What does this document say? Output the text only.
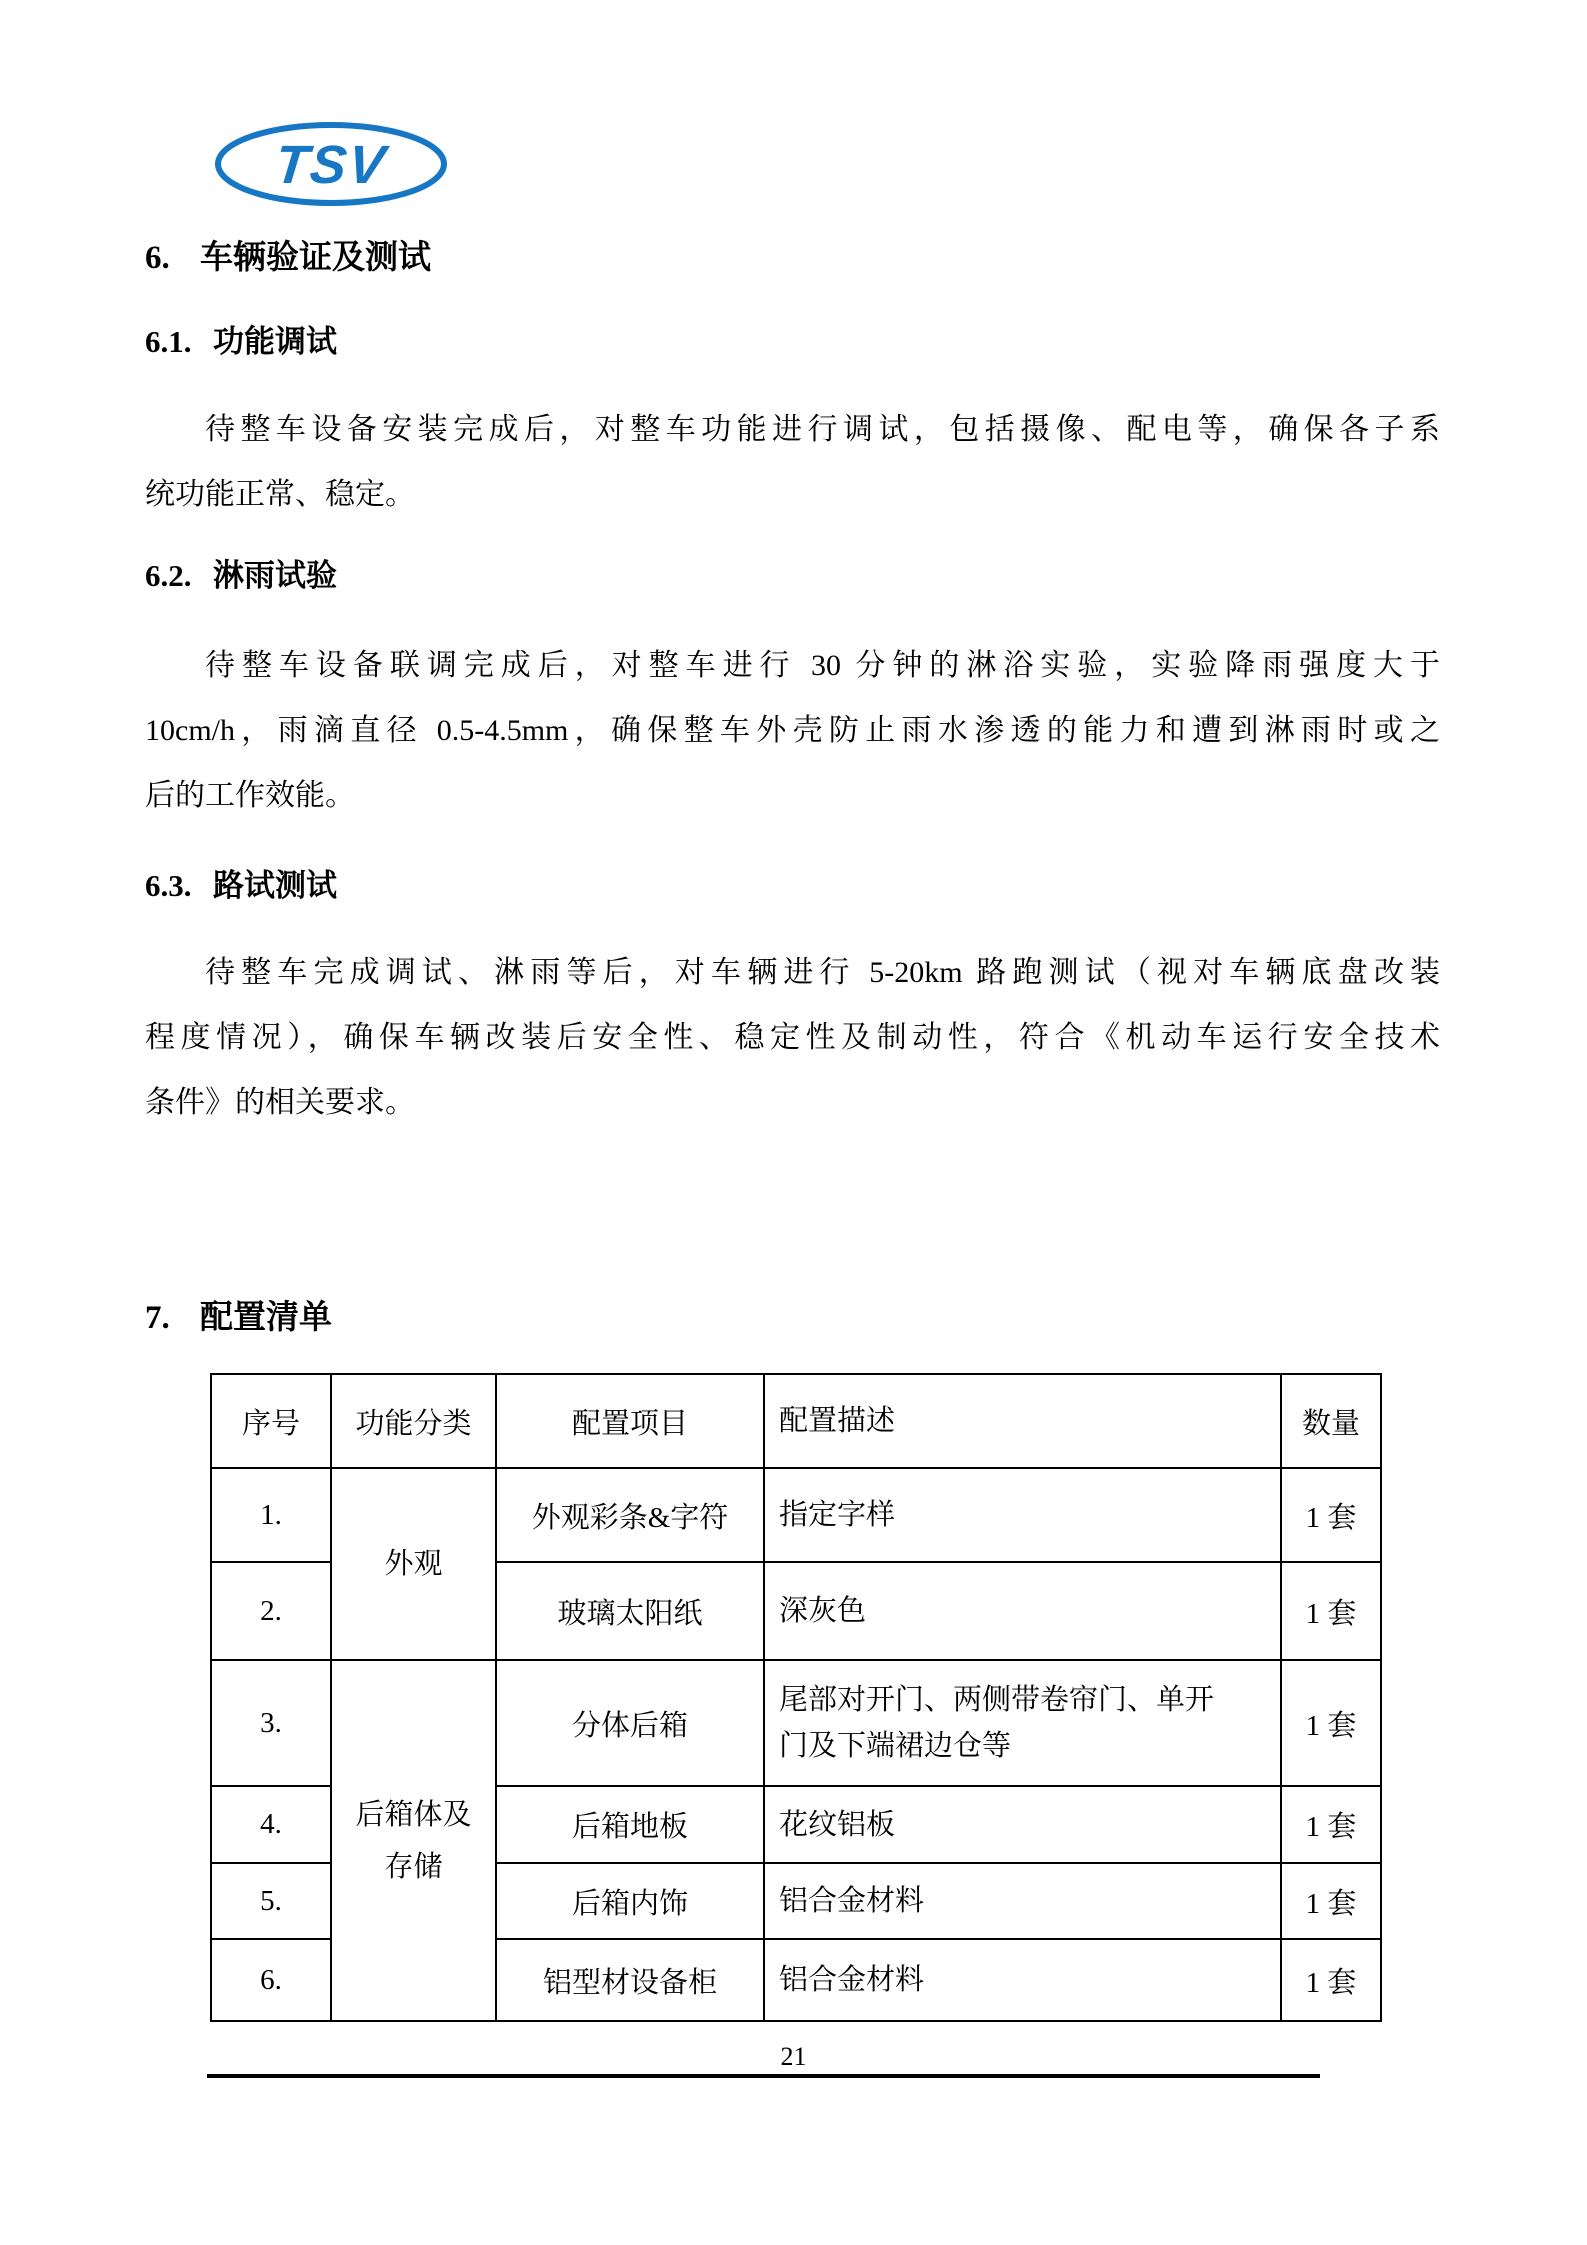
TSV
6. 车辆验证及测试
6.1. 功能调试
待整车设备安装完成后，对整车功能进行调试，包括摄像、配电等，确保各子系
统功能正常、稳定。
6.2. 淋雨试验
待整车设备联调完成后，对整车进行 30 分钟的淋浴实验，实验降雨强度大于
10cm/h，雨滴直径 0.5-4.5mm，确保整车外壳防止雨水渗透的能力和遭到淋雨时或之
后的工作效能。
6.3. 路试测试
待整车完成调试、淋雨等后，对车辆进行 5-20km 路跑测试（视对车辆底盘改装
程度情况），确保车辆改装后安全性、稳定性及制动性，符合《机动车运行安全技术
条件》的相关要求。
7. 配置清单
序号	功能分类	配置项目	配置描述	数量
1.	外观	外观彩条&字符	指定字样	1 套
2.		玻璃太阳纸	深灰色	1 套
3.	后箱体及存储	分体后箱	尾部对开门、两侧带卷帘门、单开门及下端裙边仓等	1 套
4.		后箱地板	花纹铝板	1 套
5.		后箱内饰	铝合金材料	1 套
6.		铝型材设备柜	铝合金材料	1 套
21
